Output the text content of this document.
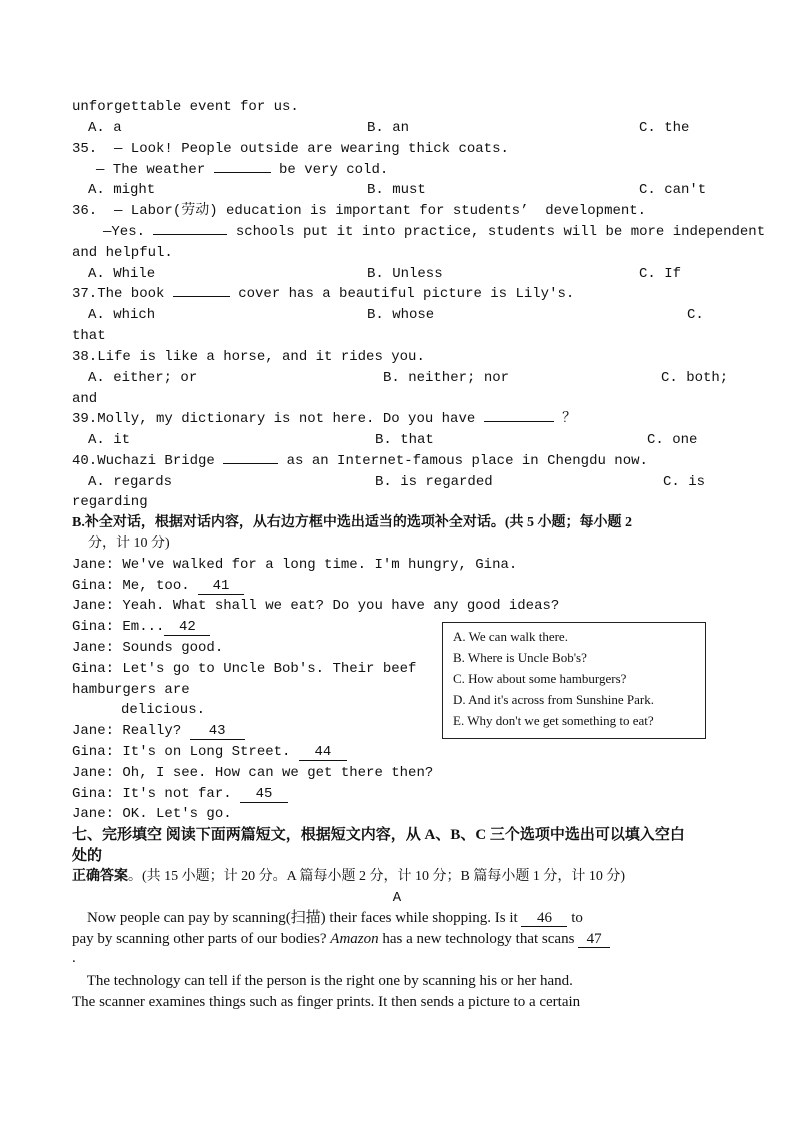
unforgettable event for us.
A. a	B. an	C. the
35.  — Look! People outside are wearing thick coats.
— The weather	be very cold.
A. might	B. must	C. can't
36.  — Labor(劳动) education is important for students’  development.
—Yes.	schools put it into practice, students will be more independent
and helpful.
A. While	B. Unless	C. If
37.The book	cover has a beautiful picture is Lily's.
A. which	B. whose	C.
that
38.Life is like a horse, and it rides you.
A. either; or	B. neither; nor	C. both;
and
39.Molly, my dictionary is not here. Do you have	？
A. it	B. that	C. one
40.Wuchazi Bridge	as an Internet-famous place in Chengdu now.
A. regards	B. is regarded	C. is
regarding
B.补全对话，根据对话内容，从右边方框中选出适当的选项补全对话。(共 5 小题；每小题 2
分，计 10 分)
Jane: We've walked for a long time. I'm hungry, Gina.
Gina: Me, too. 41
Jane: Yeah. What shall we eat? Do you have any good ideas?
Gina: Em... 42
Jane: Sounds good.
Gina: Let's go to Uncle Bob's. Their beef
hamburgers are
delicious.
Jane: Really? 43
Gina: It's on Long Street. 44
Jane: Oh, I see. How can we get there then?
Gina: It's not far. 45
Jane: OK. Let's go.
A. We can walk there.
B. Where is Uncle Bob's?
C. How about some hamburgers?
D. And it's across from Sunshine Park.
E. Why don't we get something to eat?
七、完形填空 阅读下面两篇短文，根据短文内容，从 A、B、C 三个选项中选出可以填入空白
处的
正确答案。(共 15 小题；计 20 分。A 篇每小题 2 分，计 10 分；B 篇每小题 1 分，计 10 分)
A
Now people can pay by scanning(扫描) their faces while shopping. Is it 46 to
pay by scanning other parts of our bodies? Amazon has a new technology that scans 47
.
The technology can tell if the person is the right one by scanning his or her hand.
The scanner examines things such as finger prints. It then sends a picture to a certain
